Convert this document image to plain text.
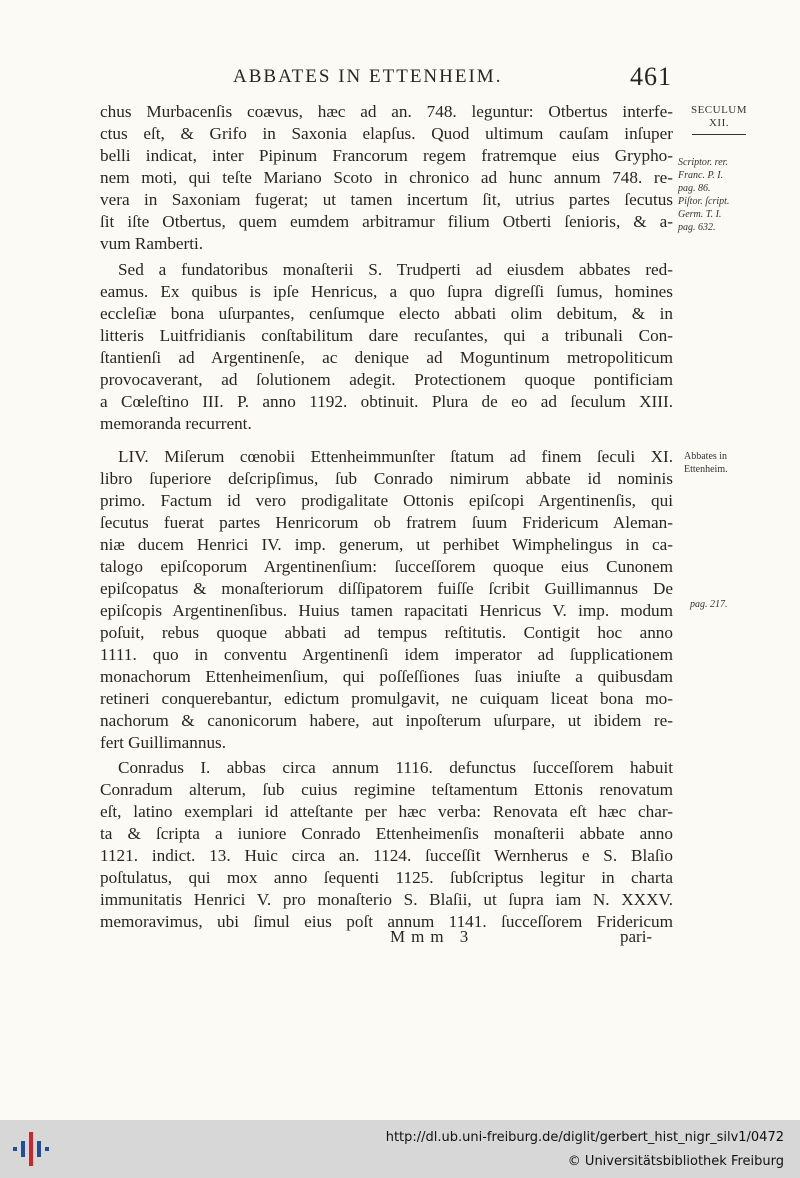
ABBATES IN ETTENHEIM.	461
chus Murbacenſis coævus, hæc ad an. 748. leguntur: Otbertus interfe-
ctus eſt, & Grifo in Saxonia elapſus. Quod ultimum cauſam inſuper
belli indicat, inter Pipinum Francorum regem fratremque eius Grypho-
nem moti, qui teſte Mariano Scoto in chronico ad hunc annum 748. re-
vera in Saxoniam fugerat; ut tamen incertum ſit, utrius partes ſecutus
ſit iſte Otbertus, quem eumdem arbitramur filium Otberti ſenioris, & a-
vum Ramberti.
Sed a fundatoribus monaſterii S. Trudperti ad eiusdem abbates red-
eamus. Ex quibus is ipſe Henricus, a quo ſupra digreſſi ſumus, homines
eccleſiæ bona uſurpantes, cenſumque electo abbati olim debitum, & in
litteris Luitfridianis conſtabilitum dare recuſantes, qui a tribunali Con-
ſtantienſi ad Argentinenſe, ac denique ad Moguntinum metropoliticum
provocaverant, ad ſolutionem adegit. Protectionem quoque pontificiam
a Cœleſtino III. P. anno 1192. obtinuit. Plura de eo ad ſeculum XIII.
memoranda recurrent.
LIV. Miſerum cœnobii Ettenheimmunſter ſtatum ad finem ſeculi XI.
libro ſuperiore deſcripſimus, ſub Conrado nimirum abbate id nominis
primo. Factum id vero prodigalitate Ottonis epiſcopi Argentinenſis, qui
ſecutus fuerat partes Henricorum ob fratrem ſuum Fridericum Aleman-
niæ ducem Henrici IV. imp. generum, ut perhibet Wimphelingus in ca-
talogo epiſcoporum Argentinenſium: ſucceſſorem quoque eius Cunonem
epiſcopatus & monaſteriorum diſſipatorem fuiſſe ſcribit Guillimannus De
epiſcopis Argentinenſibus. Huius tamen rapacitati Henricus V. imp. modum
poſuit, rebus quoque abbati ad tempus reſtitutis. Contigit hoc anno
1111. quo in conventu Argentinenſi idem imperator ad ſupplicationem
monachorum Ettenheimenſium, qui poſſeſſiones ſuas iniuſte a quibusdam
retineri conquerebantur, edictum promulgavit, ne cuiquam liceat bona mo-
nachorum & canonicorum habere, aut inpoſterum uſurpare, ut ibidem re-
fert Guillimannus.
Conradus I. abbas circa annum 1116. defunctus ſucceſſorem habuit
Conradum alterum, ſub cuius regimine teſtamentum Ettonis renovatum
eſt, latino exemplari id atteſtante per hæc verba: Renovata eſt hæc char-
ta & ſcripta a iuniore Conrado Ettenheimenſis monaſterii abbate anno
1121. indict. 13. Huic circa an. 1124. ſucceſſit Wernherus e S. Blaſio
poſtulatus, qui mox anno ſequenti 1125. ſubſcriptus legitur in charta
immunitatis Henrici V. pro monaſterio S. Blaſii, ut ſupra iam N. XXXV.
memoravimus, ubi ſimul eius poſt annum 1141. ſucceſſorem Fridericum
SECULUM
XII.
Scriptor. rer.
Franc. P. I.
pag. 86.
Piſtor. ſcript.
Germ. T. I.
pag. 632.
Abbates in
Ettenheim.
pag. 217.
Mmm 3	pari-
http://dl.ub.uni-freiburg.de/diglit/gerbert_hist_nigr_silv1/0472
© Universitätsbibliothek Freiburg
